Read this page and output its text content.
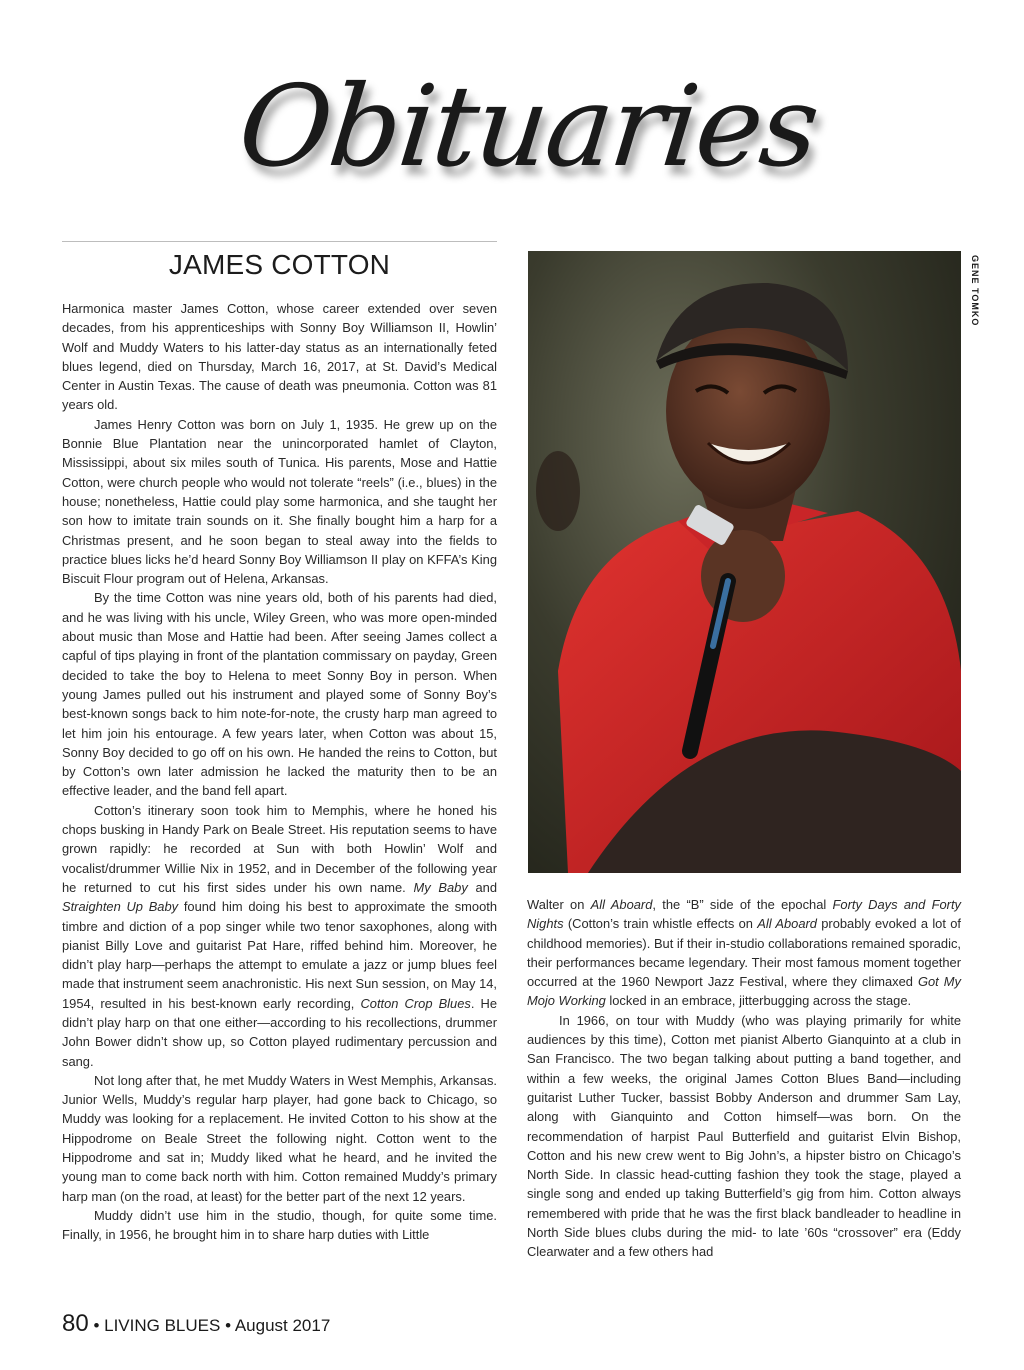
Obituaries
JAMES COTTON

Harmonica master James Cotton, whose career extended over seven decades, from his apprenticeships with Sonny Boy Williamson II, Howlin’ Wolf and Muddy Waters to his latter-day status as an internationally feted blues legend, died on Thursday, March 16, 2017, at St. David’s Medical Center in Austin Texas. The cause of death was pneumonia. Cotton was 81 years old.

James Henry Cotton was born on July 1, 1935. He grew up on the Bonnie Blue Plantation near the unincorporated hamlet of Clayton, Mississippi, about six miles south of Tunica. His parents, Mose and Hattie Cotton, were church people who would not tolerate “reels” (i.e., blues) in the house; nonetheless, Hattie could play some harmonica, and she taught her son how to imitate train sounds on it. She finally bought him a harp for a Christmas present, and he soon began to steal away into the fields to practice blues licks he’d heard Sonny Boy Williamson II play on KFFA’s King Biscuit Flour program out of Helena, Arkansas.

By the time Cotton was nine years old, both of his parents had died, and he was living with his uncle, Wiley Green, who was more open-minded about music than Mose and Hattie had been. After seeing James collect a capful of tips playing in front of the plantation commissary on payday, Green decided to take the boy to Helena to meet Sonny Boy in person. When young James pulled out his instrument and played some of Sonny Boy’s best-known songs back to him note-for-note, the crusty harp man agreed to let him join his entourage. A few years later, when Cotton was about 15, Sonny Boy decided to go off on his own. He handed the reins to Cotton, but by Cotton’s own later admission he lacked the maturity then to be an effective leader, and the band fell apart.

Cotton’s itinerary soon took him to Memphis, where he honed his chops busking in Handy Park on Beale Street. His reputation seems to have grown rapidly: he recorded at Sun with both Howlin’ Wolf and vocalist/drummer Willie Nix in 1952, and in December of the following year he returned to cut his first sides under his own name. My Baby and Straighten Up Baby found him doing his best to approximate the smooth timbre and diction of a pop singer while two tenor saxophones, along with pianist Billy Love and guitarist Pat Hare, riffed behind him. Moreover, he didn’t play harp—perhaps the attempt to emulate a jazz or jump blues feel made that instrument seem anachronistic. His next Sun session, on May 14, 1954, resulted in his best-known early recording, Cotton Crop Blues. He didn’t play harp on that one either—according to his recollections, drummer John Bower didn’t show up, so Cotton played rudimentary percussion and sang.

Not long after that, he met Muddy Waters in West Memphis, Arkansas. Junior Wells, Muddy’s regular harp player, had gone back to Chicago, so Muddy was looking for a replacement. He invited Cotton to his show at the Hippodrome on Beale Street the following night. Cotton went to the Hippodrome and sat in; Muddy liked what he heard, and he invited the young man to come back north with him. Cotton remained Muddy’s primary harp man (on the road, at least) for the better part of the next 12 years.

Muddy didn’t use him in the studio, though, for quite some time. Finally, in 1956, he brought him in to share harp duties with Little

GENE TOMKO

Walter on All Aboard, the “B” side of the epochal Forty Days and Forty Nights (Cotton’s train whistle effects on All Aboard probably evoked a lot of childhood memories). But if their in-studio collaborations remained sporadic, their performances became legendary. Their most famous moment together occurred at the 1960 Newport Jazz Festival, where they climaxed Got My Mojo Working locked in an embrace, jitterbugging across the stage.

In 1966, on tour with Muddy (who was playing primarily for white audiences by this time), Cotton met pianist Alberto Gianquinto at a club in San Francisco. The two began talking about putting a band together, and within a few weeks, the original James Cotton Blues Band—including guitarist Luther Tucker, bassist Bobby Anderson and drummer Sam Lay, along with Gianquinto and Cotton himself—was born. On the recommendation of harpist Paul Butterfield and guitarist Elvin Bishop, Cotton and his new crew went to Big John’s, a hipster bistro on Chicago’s North Side. In classic head-cutting fashion they took the stage, played a single song and ended up taking Butterfield’s gig from him. Cotton always remembered with pride that he was the first black bandleader to headline in North Side blues clubs during the mid- to late ’60s “crossover” era (Eddy Clearwater and a few others had

80 • LIVING BLUES • August 2017
